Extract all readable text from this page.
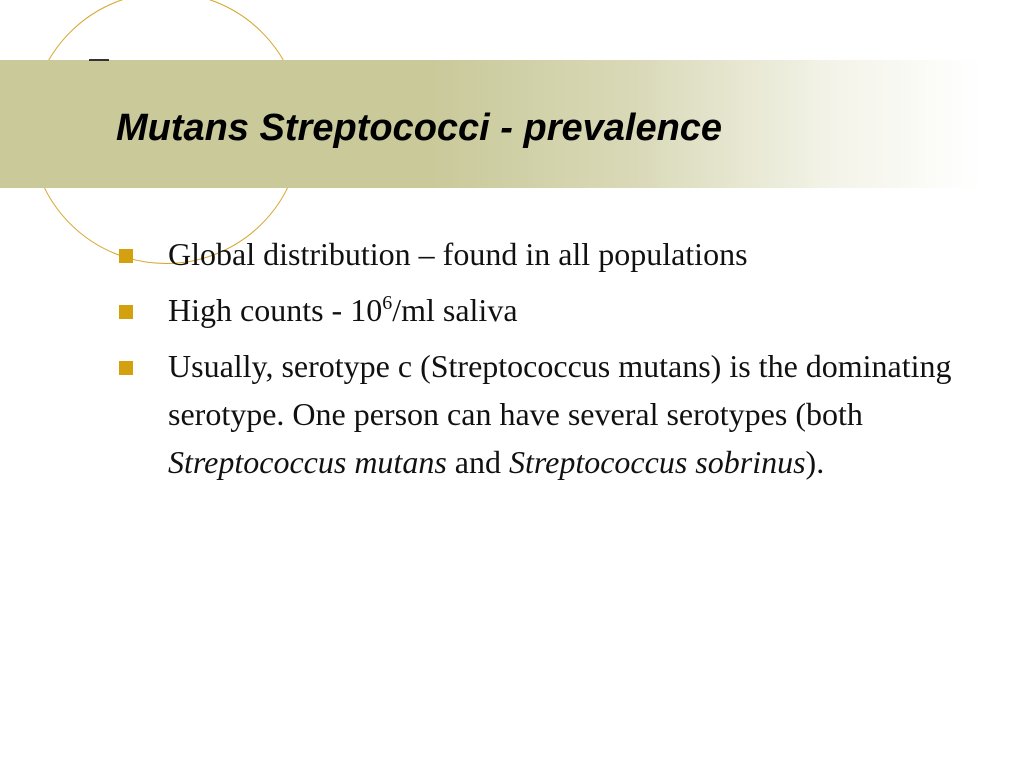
Mutans Streptococci - prevalence
Global distribution – found in all populations
High counts - $10^6/ml$ saliva
Usually, serotype c (Streptococcus mutans) is the dominating serotype. One person can have several serotypes (both Streptococcus mutans and Streptococcus sobrinus).
